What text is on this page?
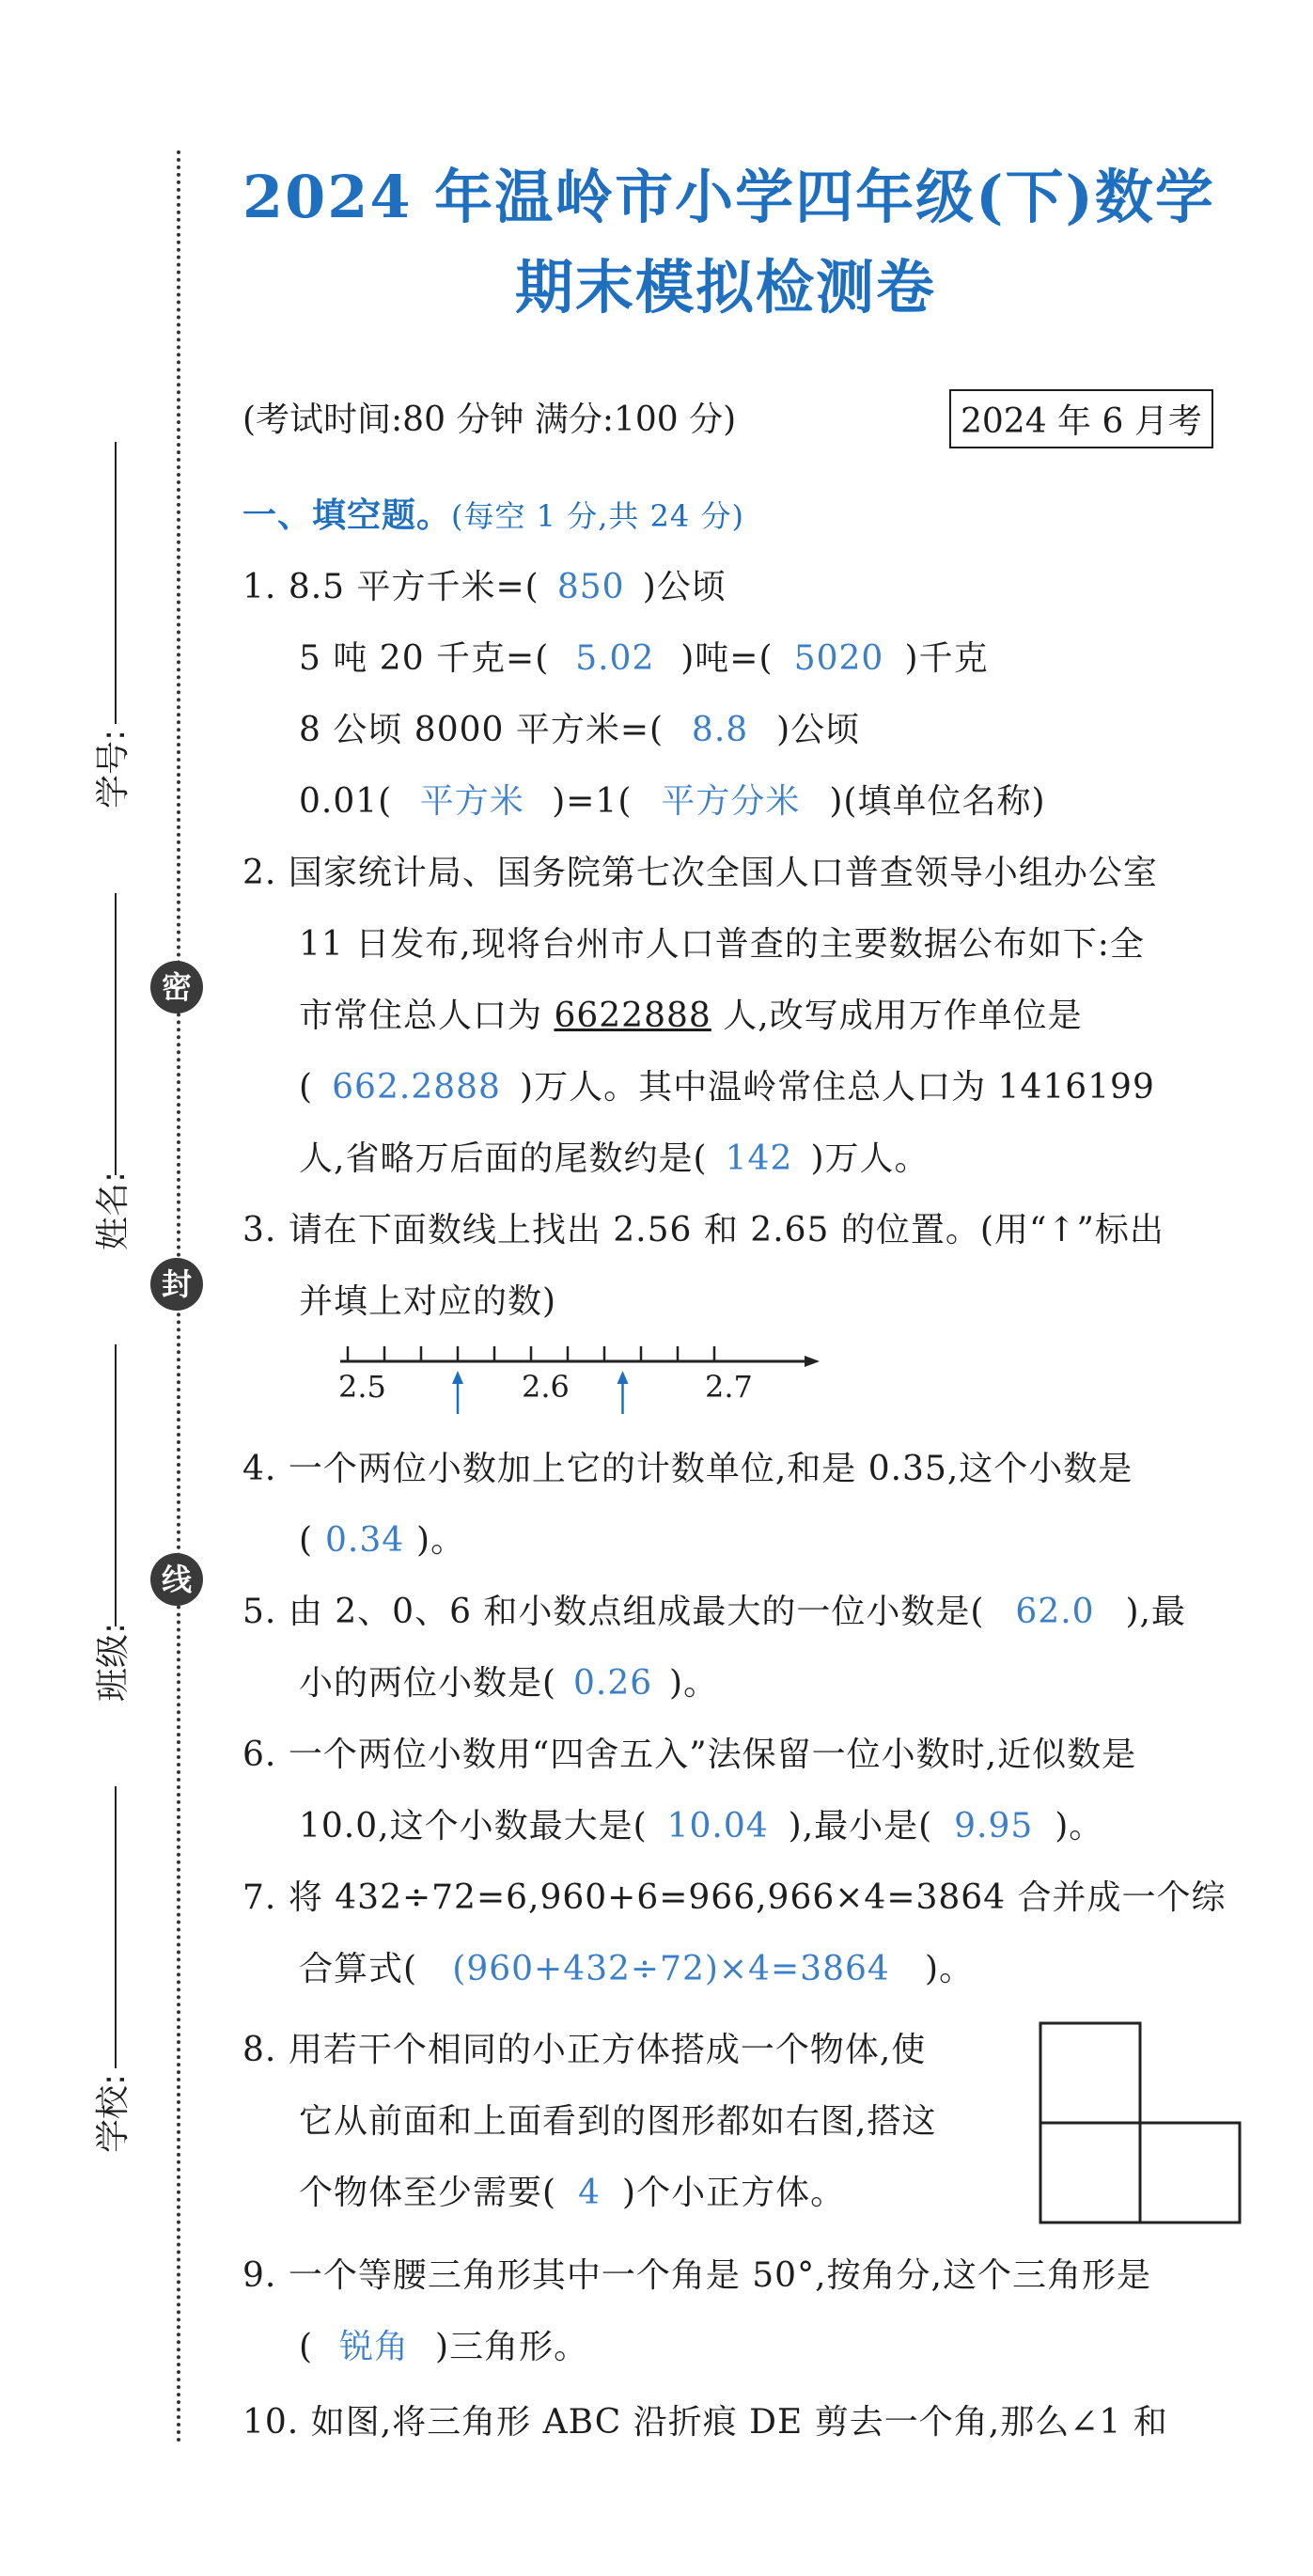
2024 年温岭市小学四年级(下)数学
期末模拟检测卷
(考试时间:80 分钟 满分:100 分)	2024 年 6 月考
学号:
姓名:
班级:
学校:
密
封
线
一、填空题。(每空 1 分,共 24 分)
1. 8.5 平方千米=( 850 )公顷
5 吨 20 千克=( 5.02 )吨=( 5020 )千克
8 公顷 8000 平方米=( 8.8 )公顷
0.01( 平方米 )=1( 平方分米 )(填单位名称)
2. 国家统计局、国务院第七次全国人口普查领导小组办公室
11 日发布,现将台州市人口普查的主要数据公布如下:全
市常住总人口为 6622888 人,改写成用万作单位是
( 662.2888 )万人。其中温岭常住总人口为 1416199
人,省略万后面的尾数约是( 142 )万人。
3. 请在下面数线上找出 2.56 和 2.65 的位置。(用“↑”标出
并填上对应的数)
2.5	2.6	2.7
4. 一个两位小数加上它的计数单位,和是 0.35,这个小数是
( 0.34 )。
5. 由 2、0、6 和小数点组成最大的一位小数是( 62.0 ),最
小的两位小数是( 0.26 )。
6. 一个两位小数用“四舍五入”法保留一位小数时,近似数是
10.0,这个小数最大是( 10.04 ),最小是( 9.95 )。
7. 将 432÷72=6,960+6=966,966×4=3864 合并成一个综
合算式( (960+432÷72)×4=3864 )。
8. 用若干个相同的小正方体搭成一个物体,使
它从前面和上面看到的图形都如右图,搭这
个物体至少需要( 4 )个小正方体。
9. 一个等腰三角形其中一个角是 50°,按角分,这个三角形是
( 锐角 )三角形。
10. 如图,将三角形 ABC 沿折痕 DE 剪去一个角,那么∠1 和
